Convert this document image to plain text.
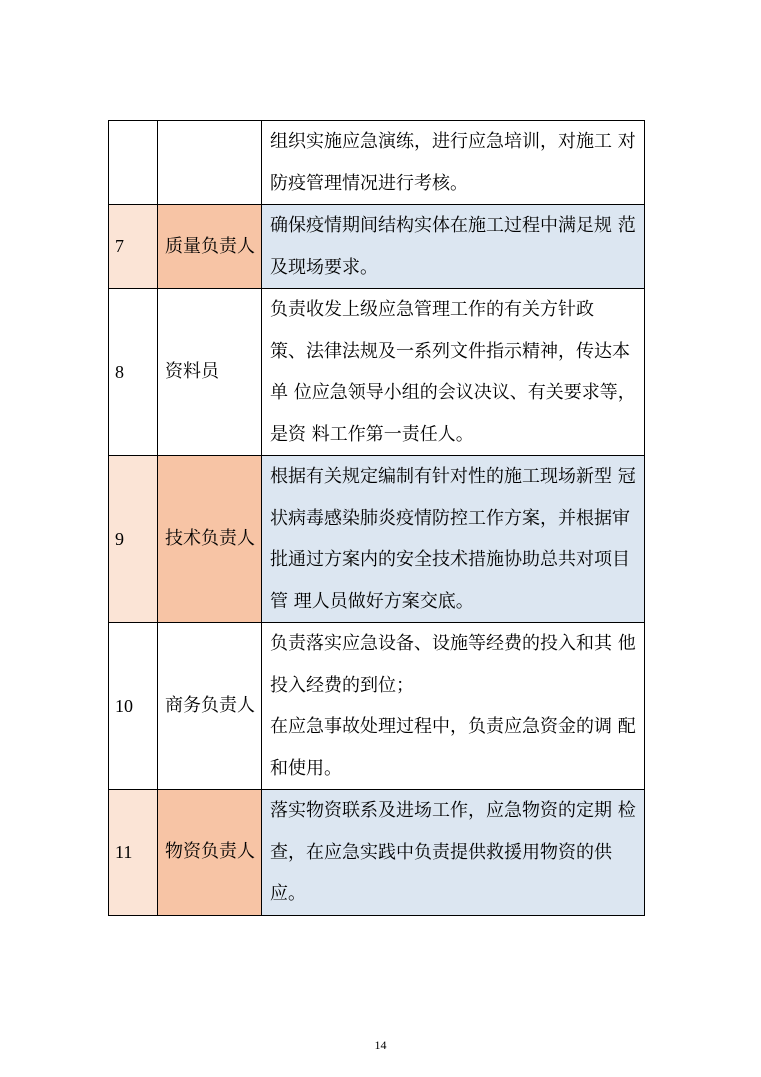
		组织实施应急演练，进行应急培训，对施工 对
防疫管理情况进行考核。

7	质量负责人	确保疫情期间结构实体在施工过程中满足规 范
及现场要求。

8	资料员	负责收发上级应急管理工作的有关方针政
策、法律法规及一系列文件指示精神，传达本
单 位应急领导小组的会议决议、有关要求等，
是资 料工作第一责任人。

9	技术负责人	根据有关规定编制有针对性的施工现场新型 冠
状病毒感染肺炎疫情防控工作方案，并根据审
批通过方案内的安全技术措施协助总共对项目
管 理人员做好方案交底。

10	商务负责人	负责落实应急设备、设施等经费的投入和其 他
投入经费的到位；
在应急事故处理过程中，负责应急资金的调 配
和使用。

11	物资负责人	落实物资联系及进场工作，应急物资的定期 检
查，在应急实践中负责提供救援用物资的供
应。
14
